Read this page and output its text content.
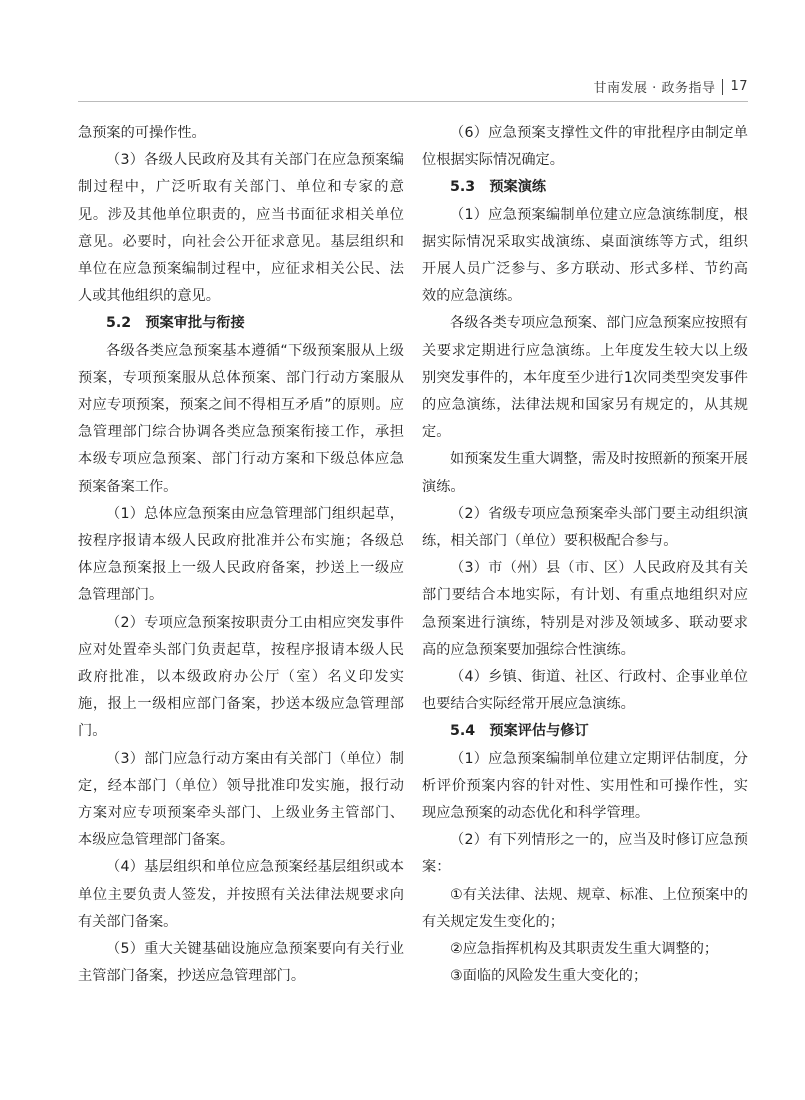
甘南发展 · 政务指导 17

急预案的可操作性。

（3）各级人民政府及其有关部门在应急预案编制过程中，广泛听取有关部门、单位和专家的意见。涉及其他单位职责的，应当书面征求相关单位意见。必要时，向社会公开征求意见。基层组织和单位在应急预案编制过程中，应征求相关公民、法人或其他组织的意见。

5.2　预案审批与衔接

各级各类应急预案基本遵循“下级预案服从上级预案，专项预案服从总体预案、部门行动方案服从对应专项预案，预案之间不得相互矛盾”的原则。应急管理部门综合协调各类应急预案衔接工作，承担本级专项应急预案、部门行动方案和下级总体应急预案备案工作。

（1）总体应急预案由应急管理部门组织起草，按程序报请本级人民政府批准并公布实施；各级总体应急预案报上一级人民政府备案，抄送上一级应急管理部门。

（2）专项应急预案按职责分工由相应突发事件应对处置牵头部门负责起草，按程序报请本级人民政府批准，以本级政府办公厅（室）名义印发实施，报上一级相应部门备案，抄送本级应急管理部门。

（3）部门应急行动方案由有关部门（单位）制定，经本部门（单位）领导批准印发实施，报行动方案对应专项预案牵头部门、上级业务主管部门、本级应急管理部门备案。

（4）基层组织和单位应急预案经基层组织或本单位主要负责人签发，并按照有关法律法规要求向有关部门备案。

（5）重大关键基础设施应急预案要向有关行业主管部门备案，抄送应急管理部门。

（6）应急预案支撑性文件的审批程序由制定单位根据实际情况确定。

5.3　预案演练

（1）应急预案编制单位建立应急演练制度，根据实际情况采取实战演练、桌面演练等方式，组织开展人员广泛参与、多方联动、形式多样、节约高效的应急演练。

各级各类专项应急预案、部门应急预案应按照有关要求定期进行应急演练。上年度发生较大以上级别突发事件的，本年度至少进行1次同类型突发事件的应急演练，法律法规和国家另有规定的，从其规定。

如预案发生重大调整，需及时按照新的预案开展演练。

（2）省级专项应急预案牵头部门要主动组织演练，相关部门（单位）要积极配合参与。

（3）市（州）县（市、区）人民政府及其有关部门要结合本地实际，有计划、有重点地组织对应急预案进行演练，特别是对涉及领域多、联动要求高的应急预案要加强综合性演练。

（4）乡镇、街道、社区、行政村、企事业单位也要结合实际经常开展应急演练。

5.4　预案评估与修订

（1）应急预案编制单位建立定期评估制度，分析评价预案内容的针对性、实用性和可操作性，实现应急预案的动态优化和科学管理。

（2）有下列情形之一的，应当及时修订应急预案：

①有关法律、法规、规章、标准、上位预案中的有关规定发生变化的；

②应急指挥机构及其职责发生重大调整的；

③面临的风险发生重大变化的；
